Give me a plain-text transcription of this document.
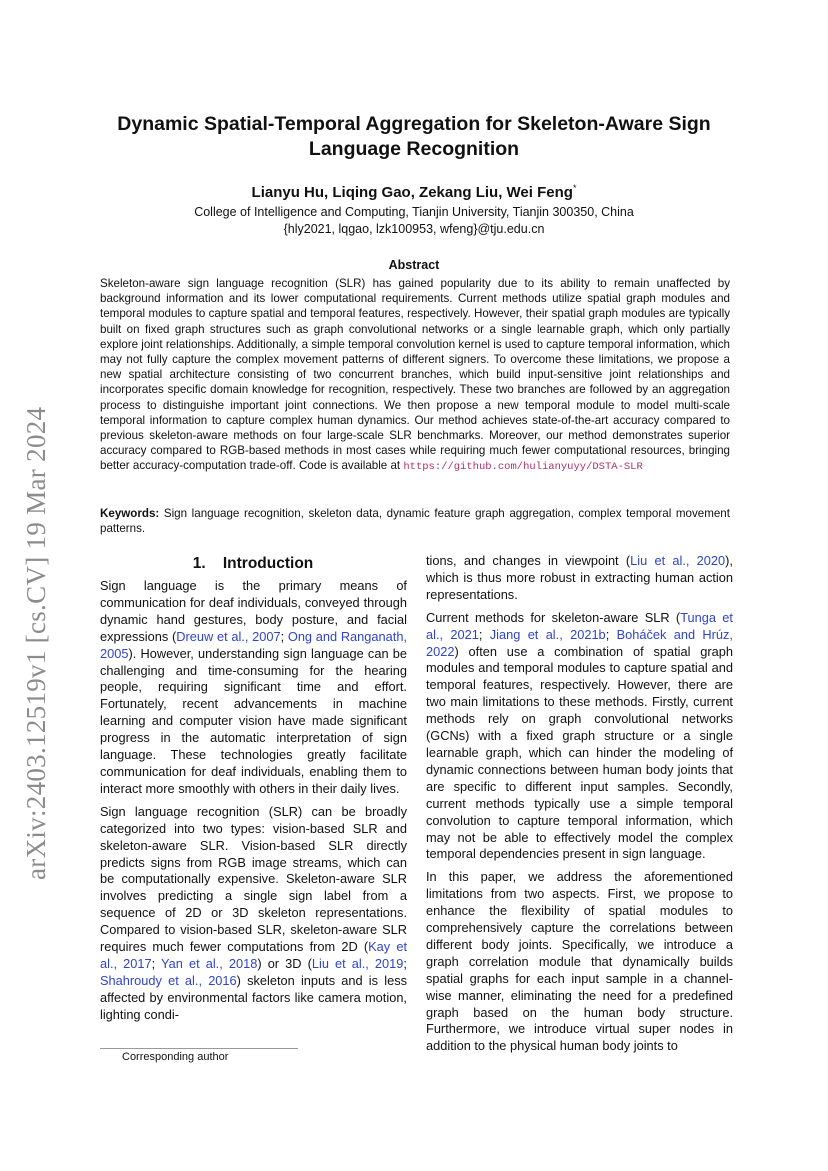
arXiv:2403.12519v1 [cs.CV] 19 Mar 2024
Dynamic Spatial-Temporal Aggregation for Skeleton-Aware Sign Language Recognition
Lianyu Hu, Liqing Gao, Zekang Liu, Wei Feng*
College of Intelligence and Computing, Tianjin University, Tianjin 300350, China
{hly2021, lqgao, lzk100953, wfeng}@tju.edu.cn
Abstract
Skeleton-aware sign language recognition (SLR) has gained popularity due to its ability to remain unaffected by background information and its lower computational requirements. Current methods utilize spatial graph modules and temporal modules to capture spatial and temporal features, respectively. However, their spatial graph modules are typically built on fixed graph structures such as graph convolutional networks or a single learnable graph, which only partially explore joint relationships. Additionally, a simple temporal convolution kernel is used to capture temporal information, which may not fully capture the complex movement patterns of different signers. To overcome these limitations, we propose a new spatial architecture consisting of two concurrent branches, which build input-sensitive joint relationships and incorporates specific domain knowledge for recognition, respectively. These two branches are followed by an aggregation process to distinguishe important joint connections. We then propose a new temporal module to model multi-scale temporal information to capture complex human dynamics. Our method achieves state-of-the-art accuracy compared to previous skeleton-aware methods on four large-scale SLR benchmarks. Moreover, our method demonstrates superior accuracy compared to RGB-based methods in most cases while requiring much fewer computational resources, bringing better accuracy-computation trade-off. Code is available at https://github.com/hulianyuyy/DSTA-SLR
Keywords: Sign language recognition, skeleton data, dynamic feature graph aggregation, complex temporal movement patterns.
1. Introduction

Sign language is the primary means of communication for deaf individuals, conveyed through dynamic hand gestures, body posture, and facial expressions (Dreuw et al., 2007; Ong and Ranganath, 2005). However, understanding sign language can be challenging and time-consuming for the hearing people, requiring significant time and effort. Fortunately, recent advancements in machine learning and computer vision have made significant progress in the automatic interpretation of sign language. These technologies greatly facilitate communication for deaf individuals, enabling them to interact more smoothly with others in their daily lives.

Sign language recognition (SLR) can be broadly categorized into two types: vision-based SLR and skeleton-aware SLR. Vision-based SLR directly predicts signs from RGB image streams, which can be computationally expensive. Skeleton-aware SLR involves predicting a single sign label from a sequence of 2D or 3D skeleton representations. Compared to vision-based SLR, skeleton-aware SLR requires much fewer computations from 2D (Kay et al., 2017; Yan et al., 2018) or 3D (Liu et al., 2019; Shahroudy et al., 2016) skeleton inputs and is less affected by environmental factors like camera motion, lighting condi-

tions, and changes in viewpoint (Liu et al., 2020), which is thus more robust in extracting human action representations.

Current methods for skeleton-aware SLR (Tunga et al., 2021; Jiang et al., 2021b; Boháček and Hrúz, 2022) often use a combination of spatial graph modules and temporal modules to capture spatial and temporal features, respectively. However, there are two main limitations to these methods. Firstly, current methods rely on graph convolutional networks (GCNs) with a fixed graph structure or a single learnable graph, which can hinder the modeling of dynamic connections between human body joints that are specific to different input samples. Secondly, current methods typically use a simple temporal convolution to capture temporal information, which may not be able to effectively model the complex temporal dependencies present in sign language.

In this paper, we address the aforementioned limitations from two aspects. First, we propose to enhance the flexibility of spatial modules to comprehensively capture the correlations between different body joints. Specifically, we introduce a graph correlation module that dynamically builds spatial graphs for each input sample in a channel-wise manner, eliminating the need for a predefined graph based on the human body structure. Furthermore, we introduce virtual super nodes in addition to the physical human body joints to

Corresponding author
